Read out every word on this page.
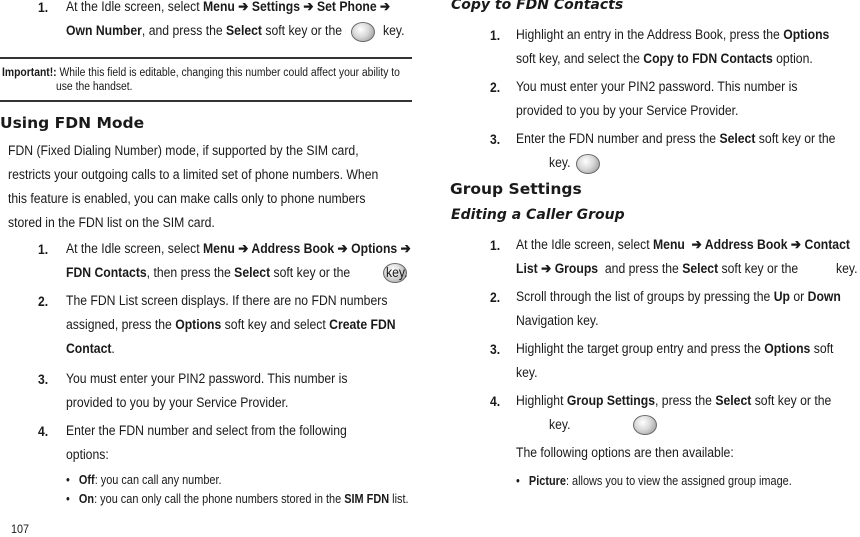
1. At the Idle screen, select Menu ➔ Settings ➔ Set Phone ➔
Own Number, and press the Select soft key or the
	key.
Important!: While this field is editable, changing this number could affect your ability to
use the handset.
Using FDN Mode
FDN (Fixed Dialing Number) mode, if supported by the SIM card,
restricts your outgoing calls to a limited set of phone numbers. When
this feature is enabled, you can make calls only to phone numbers
stored in the FDN list on the SIM card.
1. At the Idle screen, select Menu ➔ Address Book ➔ Options ➔
FDN Contacts, then press the Select soft key or the
	key.
2. The FDN List screen displays. If there are no FDN numbers
assigned, press the Options soft key and select Create FDN
Contact.
3. You must enter your PIN2 password. This number is
provided to you by your Service Provider.
4. Enter the FDN number and select from the following
options:
•   Off: you can call any number.
•   On: you can only call the phone numbers stored in the SIM FDN list.
107
Copy to FDN Contacts
1. Highlight an entry in the Address Book, press the Options
soft key, and select the Copy to FDN Contacts option.
2. You must enter your PIN2 password. This number is
provided to you by your Service Provider.
3. Enter the FDN number and press the Select soft key or the

key.
Group Settings
Editing a Caller Group
1. At the Idle screen, select Menu  ➔ Address Book ➔ Contact
List ➔ Groups  and press the Select soft key or the
	key.
2. Scroll through the list of groups by pressing the Up or Down
Navigation key.
3. Highlight the target group entry and press the Options soft
key.
4. Highlight Group Settings, press the Select soft key or the
key.
The following options are then available:
•   Picture: allows you to view the assigned group image.
